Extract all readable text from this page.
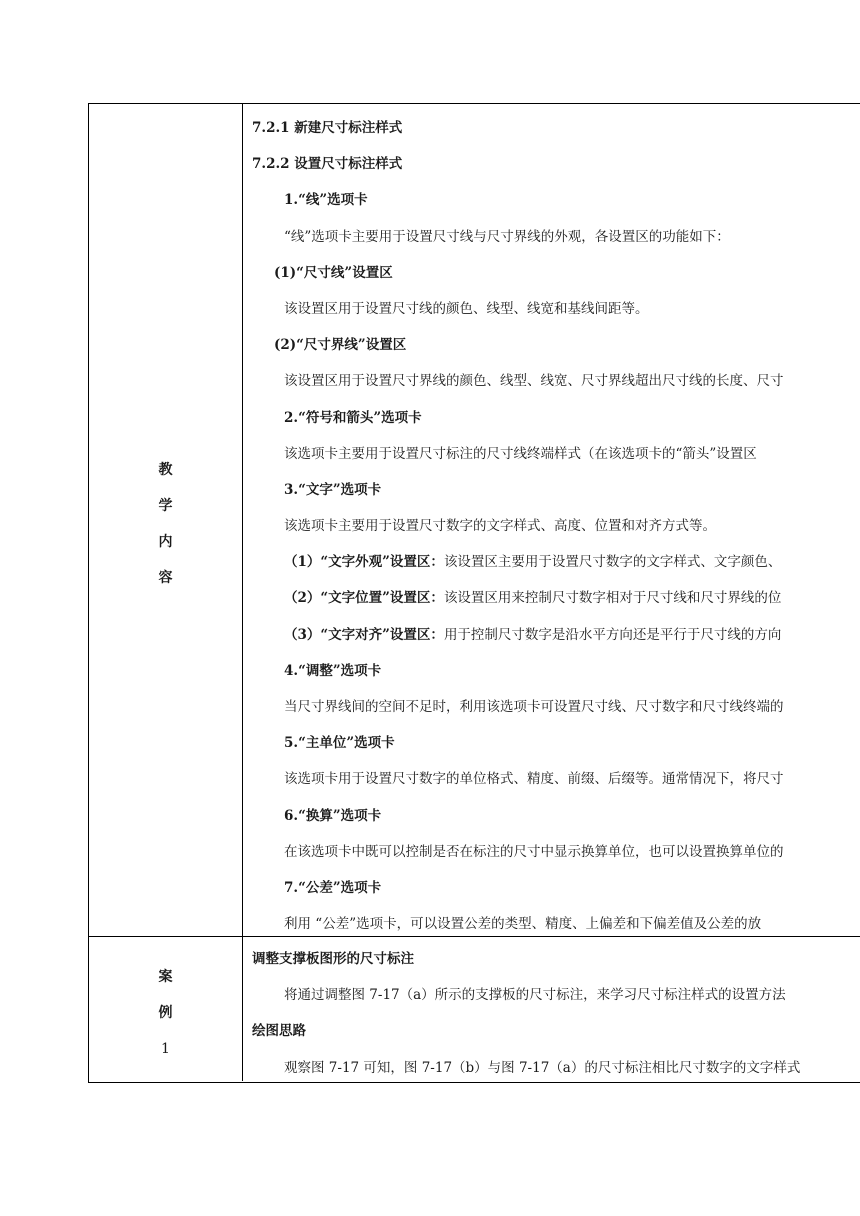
教
学
内
容
案
例
1
7.2.1 新建尺寸标注样式
7.2.2 设置尺寸标注样式
1.“线”选项卡
“线”选项卡主要用于设置尺寸线与尺寸界线的外观，各设置区的功能如下：
(1)“尺寸线”设置区
该设置区用于设置尺寸线的颜色、线型、线宽和基线间距等。
(2)“尺寸界线”设置区
该设置区用于设置尺寸界线的颜色、线型、线宽、尺寸界线超出尺寸线的长度、尺寸
2.“符号和箭头”选项卡
该选项卡主要用于设置尺寸标注的尺寸线终端样式（在该选项卡的“箭头”设置区
3.“文字”选项卡
该选项卡主要用于设置尺寸数字的文字样式、高度、位置和对齐方式等。
（1）“文字外观”设置区：该设置区主要用于设置尺寸数字的文字样式、文字颜色、
（2）“文字位置”设置区：该设置区用来控制尺寸数字相对于尺寸线和尺寸界线的位
（3）“文字对齐”设置区：用于控制尺寸数字是沿水平方向还是平行于尺寸线的方向
4.“调整”选项卡
当尺寸界线间的空间不足时，利用该选项卡可设置尺寸线、尺寸数字和尺寸线终端的
5.“主单位”选项卡
该选项卡用于设置尺寸数字的单位格式、精度、前缀、后缀等。通常情况下，将尺寸
6.“换算”选项卡
在该选项卡中既可以控制是否在标注的尺寸中显示换算单位，也可以设置换算单位的
7.“公差”选项卡
利用 “公差”选项卡，可以设置公差的类型、精度、上偏差和下偏差值及公差的放
调整支撑板图形的尺寸标注
将通过调整图 7-17（a）所示的支撑板的尺寸标注，来学习尺寸标注样式的设置方法
绘图思路
观察图 7-17 可知，图 7-17（b）与图 7-17（a）的尺寸标注相比尺寸数字的文字样式
